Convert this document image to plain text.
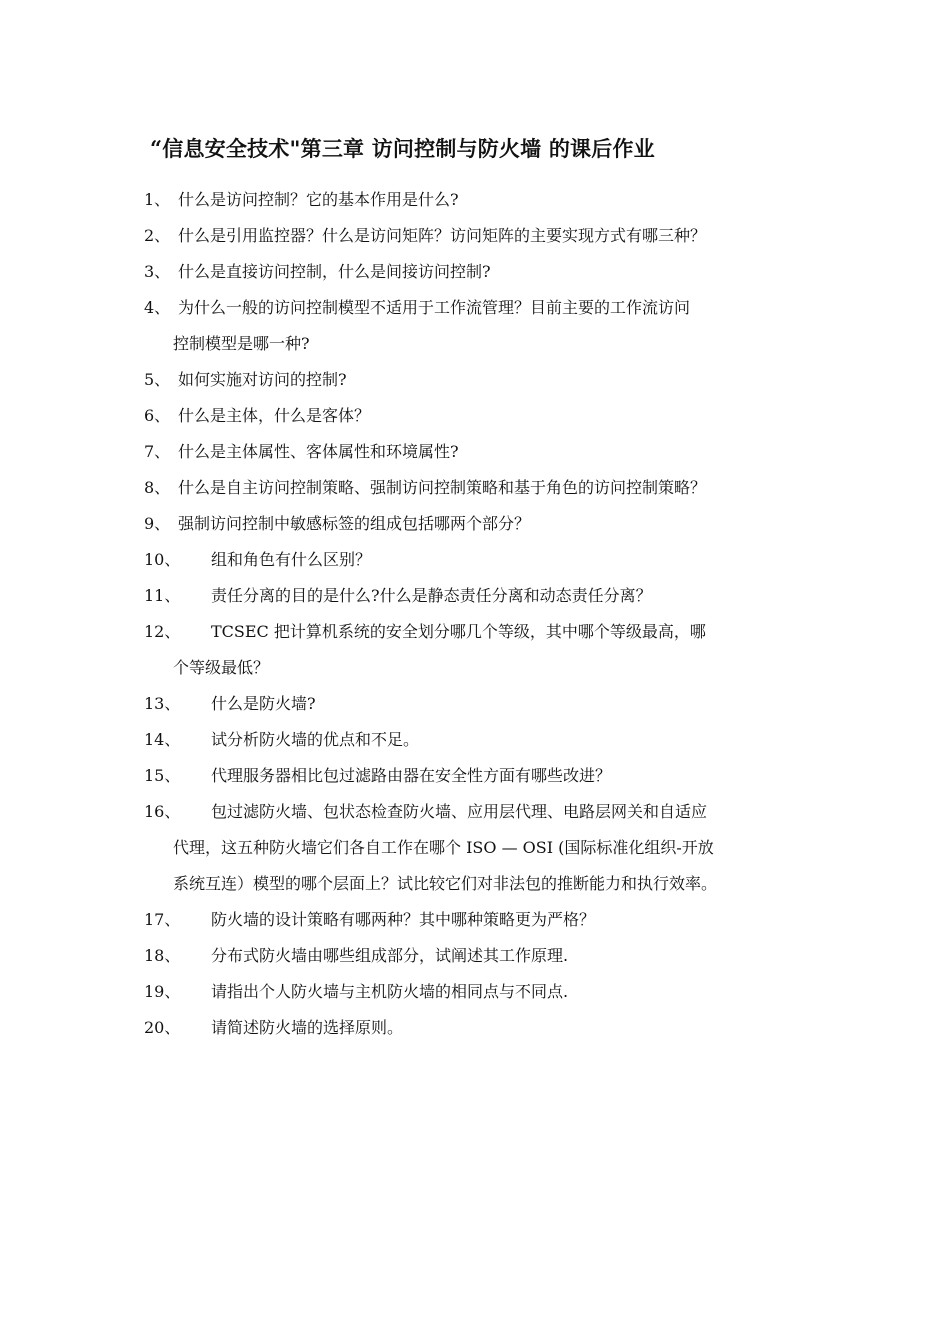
“信息安全技术"第三章 访问控制与防火墙 的课后作业
1、 什么是访问控制？它的基本作用是什么?
2、 什么是引用监控器？什么是访问矩阵？访问矩阵的主要实现方式有哪三种？
3、 什么是直接访问控制，什么是间接访问控制?
4、 为什么一般的访问控制模型不适用于工作流管理？目前主要的工作流访问
控制模型是哪一种?
5、 如何实施对访问的控制?
6、 什么是主体，什么是客体？
7、 什么是主体属性、客体属性和环境属性?
8、 什么是自主访问控制策略、强制访问控制策略和基于角色的访问控制策略？
9、 强制访问控制中敏感标签的组成包括哪两个部分？
10、	组和角色有什么区别？
11、	责任分离的目的是什么?什么是静态责任分离和动态责任分离？
12、	TCSEC 把计算机系统的安全划分哪几个等级，其中哪个等级最高，哪
个等级最低？
13、	什么是防火墙?
14、	试分析防火墙的优点和不足。
15、	代理服务器相比包过滤路由器在安全性方面有哪些改进？
16、	包过滤防火墙、包状态检查防火墙、应用层代理、电路层网关和自适应
代理，这五种防火墙它们各自工作在哪个 ISO — OSI (国际标准化组织-开放
系统互连）模型的哪个层面上？试比较它们对非法包的推断能力和执行效率。
17、	防火墙的设计策略有哪两种？其中哪种策略更为严格？
18、	分布式防火墙由哪些组成部分，试阐述其工作原理.
19、	请指出个人防火墙与主机防火墙的相同点与不同点.
20、	请简述防火墙的选择原则。
